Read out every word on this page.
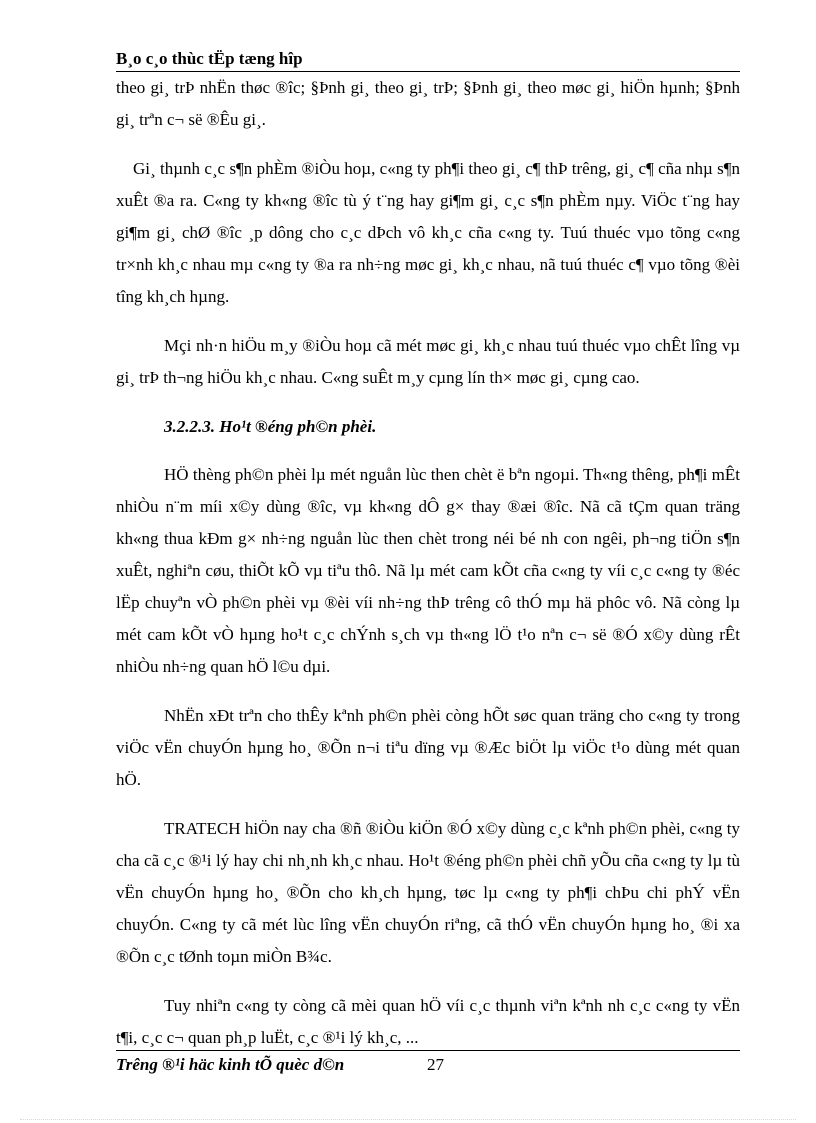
B¸o c¸o thùc tËp tæng hîp

theo gi¸ trÞ nhËn thøc ®îc; §Þnh gi¸ theo gi¸ trÞ; §Þnh gi¸ theo møc gi¸ hiÖn hµnh; §Þnh gi¸ trªn c¬ së ®Êu gi¸.

Gi¸ thµnh c¸c s¶n phÈm ®iÒu hoµ, c«ng ty ph¶i theo gi¸ c¶ thÞ trêng, gi¸ c¶ cña nhµ s¶n xuÊt ®a ra. C«ng ty kh«ng ®îc tù ý t¨ng hay gi¶m gi¸ c¸c s¶n phÈm nµy. ViÖc t¨ng hay gi¶m gi¸ chØ ®îc ¸p dông cho c¸c dÞch vô kh¸c cña c«ng ty. Tuú thuéc vµo tõng c«ng tr×nh kh¸c nhau mµ c«ng ty ®a ra nh÷ng møc gi¸ kh¸c nhau, nã tuú thuéc c¶ vµo tõng ®èi tîng kh¸ch hµng.

Mçi nh·n hiÖu m¸y ®iÒu hoµ cã mét møc gi¸ kh¸c nhau tuú thuéc vµo chÊt lîng vµ gi¸ trÞ th¬ng hiÖu kh¸c nhau. C«ng suÊt m¸y cµng lín th× møc gi¸ cµng cao.

3.2.2.3. Ho¹t ®éng ph©n phèi.

HÖ thèng ph©n phèi lµ mét nguån lùc then chèt ë bªn ngoµi. Th«ng thêng, ph¶i mÊt nhiÒu n¨m míi x©y dùng ®îc, vµ kh«ng dÔ g× thay ®æi ®îc. Nã cã tÇm quan träng kh«ng thua kÐm g× nh÷ng nguån lùc then chèt trong néi bé nh con ngêi, ph¬ng tiÖn s¶n xuÊt, nghiªn cøu, thiÕt kÕ vµ tiªu thô. Nã lµ mét cam kÕt cña c«ng ty víi c¸c c«ng ty ®éc lËp chuyªn vÒ ph©n phèi vµ ®èi víi nh÷ng thÞ trêng cô thÓ mµ hä phôc vô. Nã còng lµ mét cam kÕt vÒ hµng ho¹t c¸c chÝnh s¸ch vµ th«ng lÖ t¹o nªn c¬ së ®Ó x©y dùng rÊt nhiÒu nh÷ng quan hÖ l©u dµi.

NhËn xÐt trªn cho thÊy kªnh ph©n phèi còng hÕt søc quan träng cho c«ng ty trong viÖc vËn chuyÓn hµng ho¸ ®Õn n¬i tiªu dïng vµ ®Æc biÖt lµ viÖc t¹o dùng mét quan hÖ.

TRATECH hiÖn nay cha ®ñ ®iÒu kiÖn ®Ó x©y dùng c¸c kªnh ph©n phèi, c«ng ty cha cã c¸c ®¹i lý hay chi nh¸nh kh¸c nhau. Ho¹t ®éng ph©n phèi chñ yÕu cña c«ng ty lµ tù vËn chuyÓn hµng ho¸ ®Õn cho kh¸ch hµng, tøc lµ c«ng ty ph¶i chÞu chi phÝ vËn chuyÓn. C«ng ty cã mét lùc lîng vËn chuyÓn riªng, cã thÓ vËn chuyÓn hµng ho¸ ®i xa ®Õn c¸c tØnh toµn miÒn B¾c.

Tuy nhiªn c«ng ty còng cã mèi quan hÖ víi c¸c thµnh viªn kªnh nh c¸c c«ng ty vËn t¶i, c¸c c¬ quan ph¸p luËt, c¸c ®¹i lý kh¸c, ...

Trêng ®¹i häc kinh tÕ quèc d©n	27
